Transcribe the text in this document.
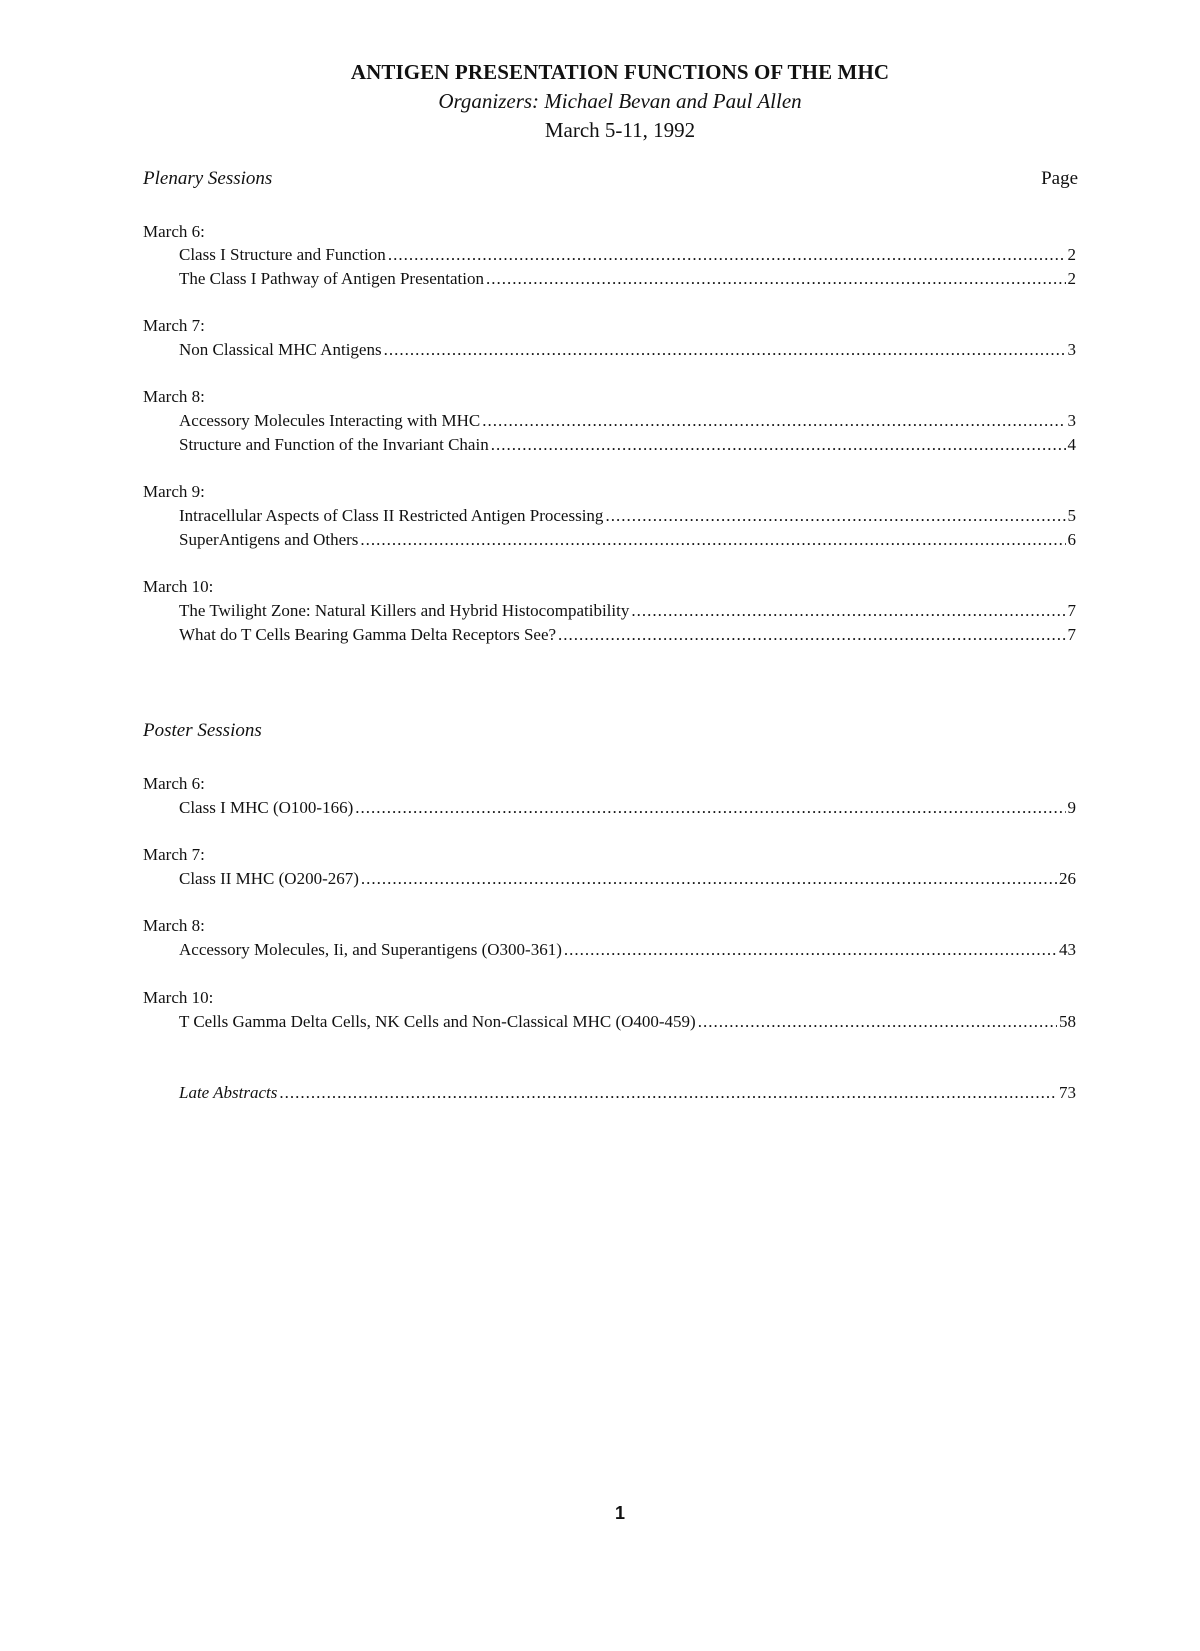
ANTIGEN PRESENTATION FUNCTIONS OF THE MHC
Organizers: Michael Bevan and Paul Allen
March 5-11, 1992
Plenary Sessions	Page
March 6:
Class I Structure and Function .....	2
The Class I Pathway of Antigen Presentation .....	2
March 7:
Non Classical MHC Antigens .....	3
March 8:
Accessory Molecules Interacting with MHC .....	3
Structure and Function of the Invariant Chain .....	4
March 9:
Intracellular Aspects of Class II Restricted Antigen Processing .....	5
SuperAntigens and Others .....	6
March 10:
The Twilight Zone: Natural Killers and Hybrid Histocompatibility .....	7
What do T Cells Bearing Gamma Delta Receptors See? .....	7
Poster Sessions
March 6:
Class I MHC (O100-166) .....	9
March 7:
Class II MHC (O200-267) .....	26
March 8:
Accessory Molecules, Ii, and Superantigens (O300-361) .....	43
March 10:
T Cells Gamma Delta Cells, NK Cells and Non-Classical MHC (O400-459) .....	58
Late Abstracts .....	73
1
